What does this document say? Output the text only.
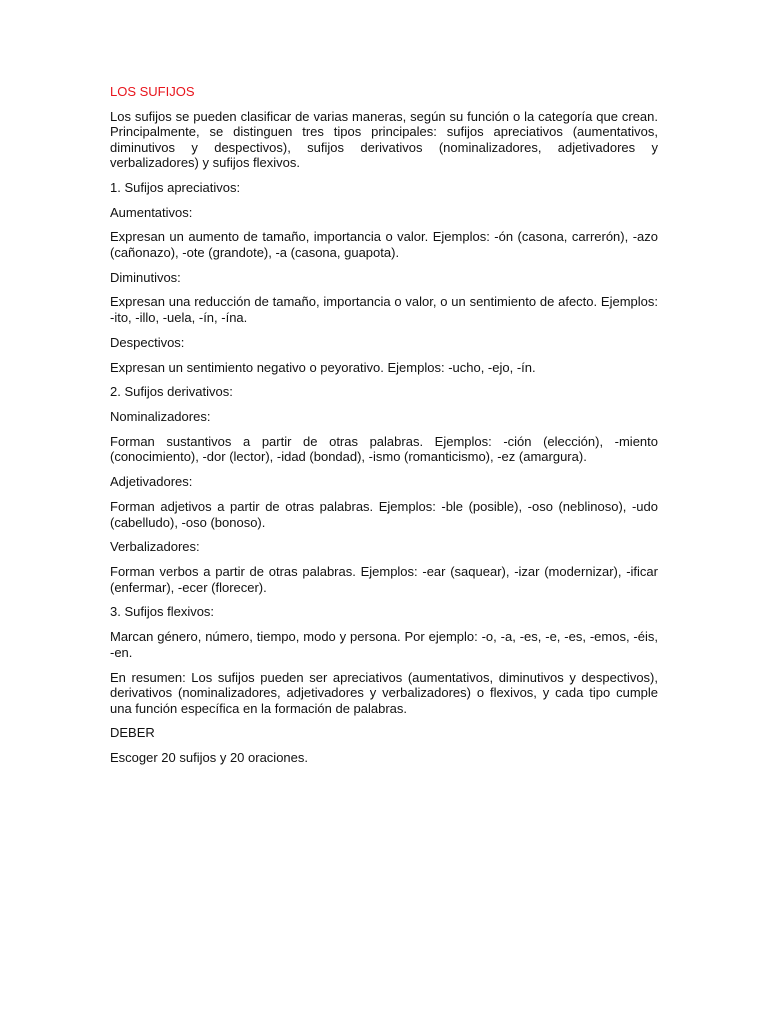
LOS SUFIJOS

Los sufijos se pueden clasificar de varias maneras, según su función o la categoría que crean. Principalmente, se distinguen tres tipos principales: sufijos apreciativos (aumentativos, diminutivos y despectivos), sufijos derivativos (nominalizadores, adjetivadores y verbalizadores) y sufijos flexivos.

1. Sufijos apreciativos:

Aumentativos:

Expresan un aumento de tamaño, importancia o valor. Ejemplos: -ón (casona, carrerón), -azo (cañonazo), -ote (grandote), -a (casona, guapota).

Diminutivos:

Expresan una reducción de tamaño, importancia o valor, o un sentimiento de afecto. Ejemplos: -ito, -illo, -uela, -ín, -ína.

Despectivos:

Expresan un sentimiento negativo o peyorativo. Ejemplos: -ucho, -ejo, -ín.

2. Sufijos derivativos:

Nominalizadores:

Forman sustantivos a partir de otras palabras. Ejemplos: -ción (elección), -miento (conocimiento), -dor (lector), -idad (bondad), -ismo (romanticismo), -ez (amargura).

Adjetivadores:

Forman adjetivos a partir de otras palabras. Ejemplos: -ble (posible), -oso (neblinoso), -udo (cabelludo), -oso (bonoso).

Verbalizadores:

Forman verbos a partir de otras palabras. Ejemplos: -ear (saquear), -izar (modernizar), -ificar (enfermar), -ecer (florecer).

3. Sufijos flexivos:

Marcan género, número, tiempo, modo y persona. Por ejemplo: -o, -a, -es, -e, -es, -emos, -éis, -en.

En resumen: Los sufijos pueden ser apreciativos (aumentativos, diminutivos y despectivos), derivativos (nominalizadores, adjetivadores y verbalizadores) o flexivos, y cada tipo cumple una función específica en la formación de palabras.

DEBER

Escoger 20 sufijos y 20 oraciones.
